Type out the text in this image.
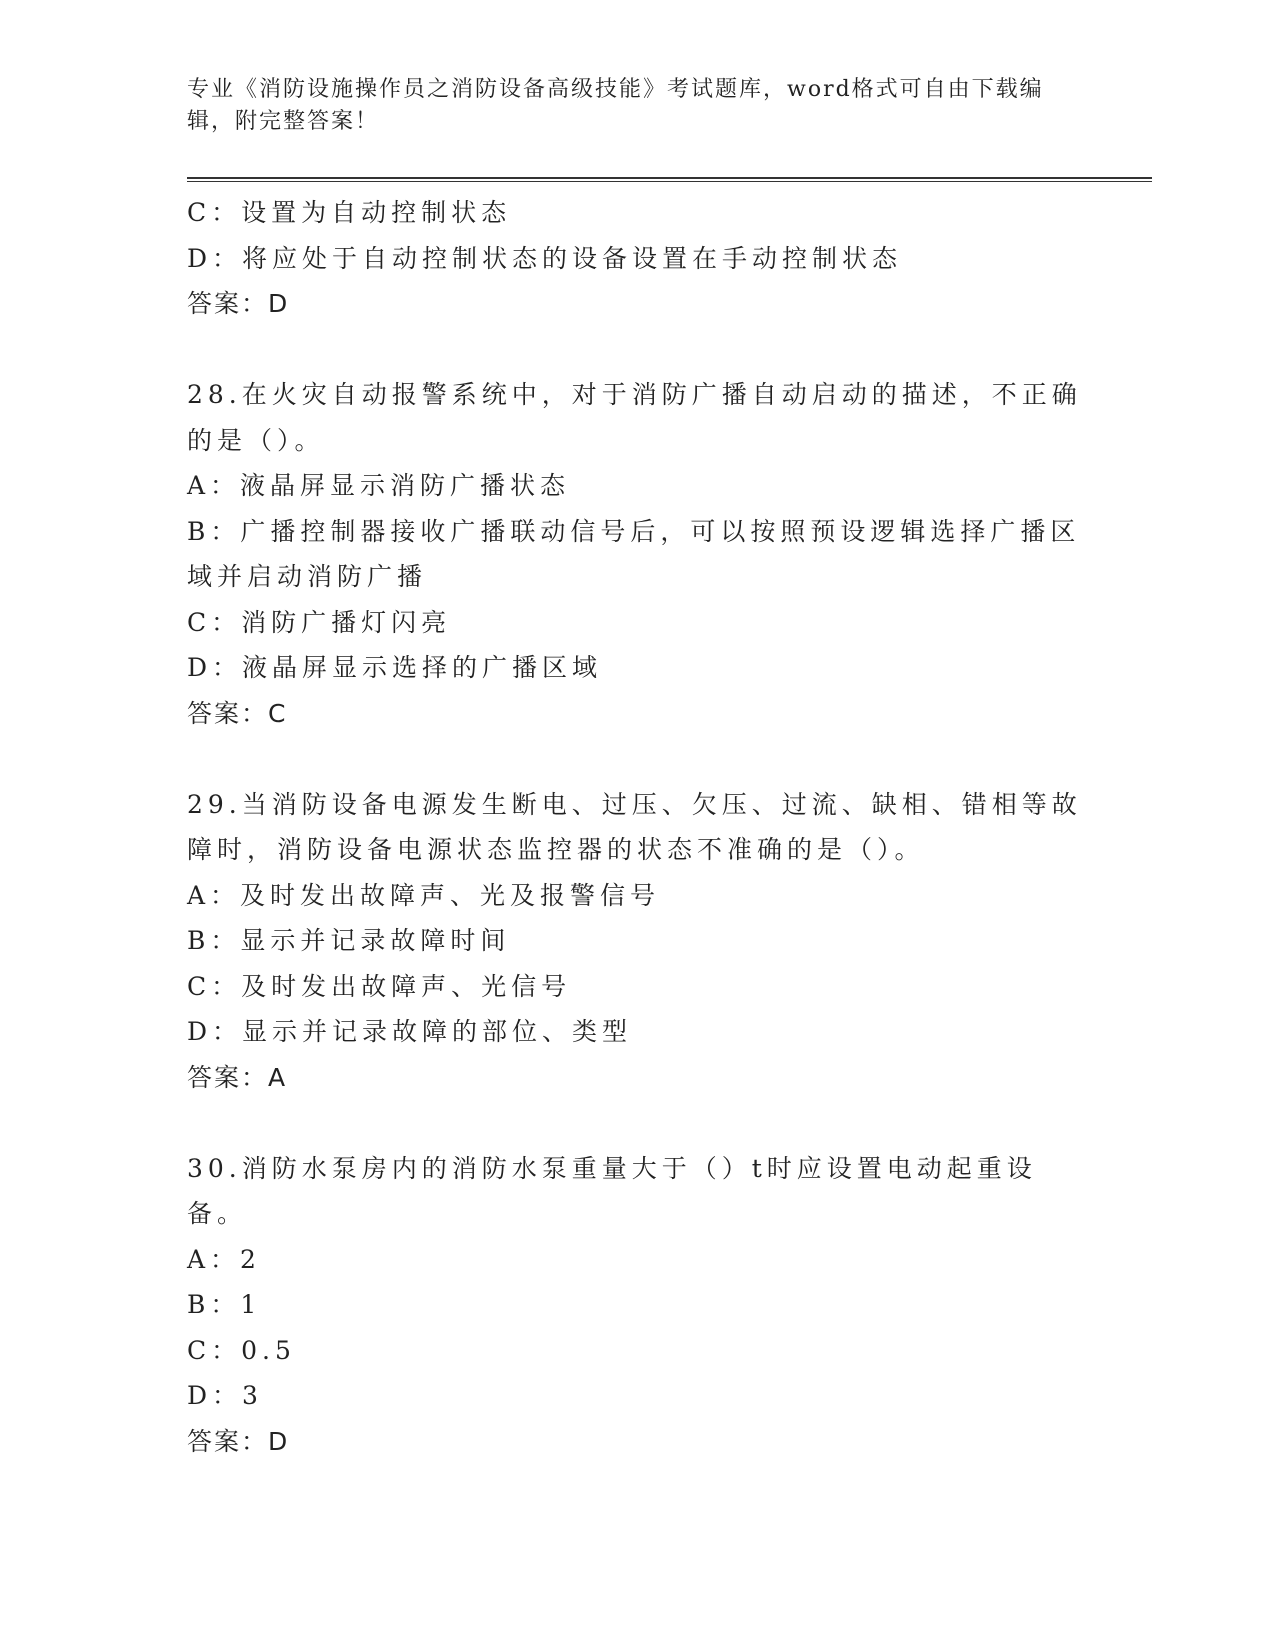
专业《消防设施操作员之消防设备高级技能》考试题库，word格式可自由下载编辑，附完整答案！
C：设置为自动控制状态
D：将应处于自动控制状态的设备设置在手动控制状态
答案：D
28.在火灾自动报警系统中，对于消防广播自动启动的描述，不正确的是（）。
A：液晶屏显示消防广播状态
B：广播控制器接收广播联动信号后，可以按照预设逻辑选择广播区域并启动消防广播
C：消防广播灯闪亮
D：液晶屏显示选择的广播区域
答案：C
29.当消防设备电源发生断电、过压、欠压、过流、缺相、错相等故障时，消防设备电源状态监控器的状态不准确的是（）。
A：及时发出故障声、光及报警信号
B：显示并记录故障时间
C：及时发出故障声、光信号
D：显示并记录故障的部位、类型
答案：A
30.消防水泵房内的消防水泵重量大于（）t时应设置电动起重设备。
A：2
B：1
C：0.5
D：3
答案：D
